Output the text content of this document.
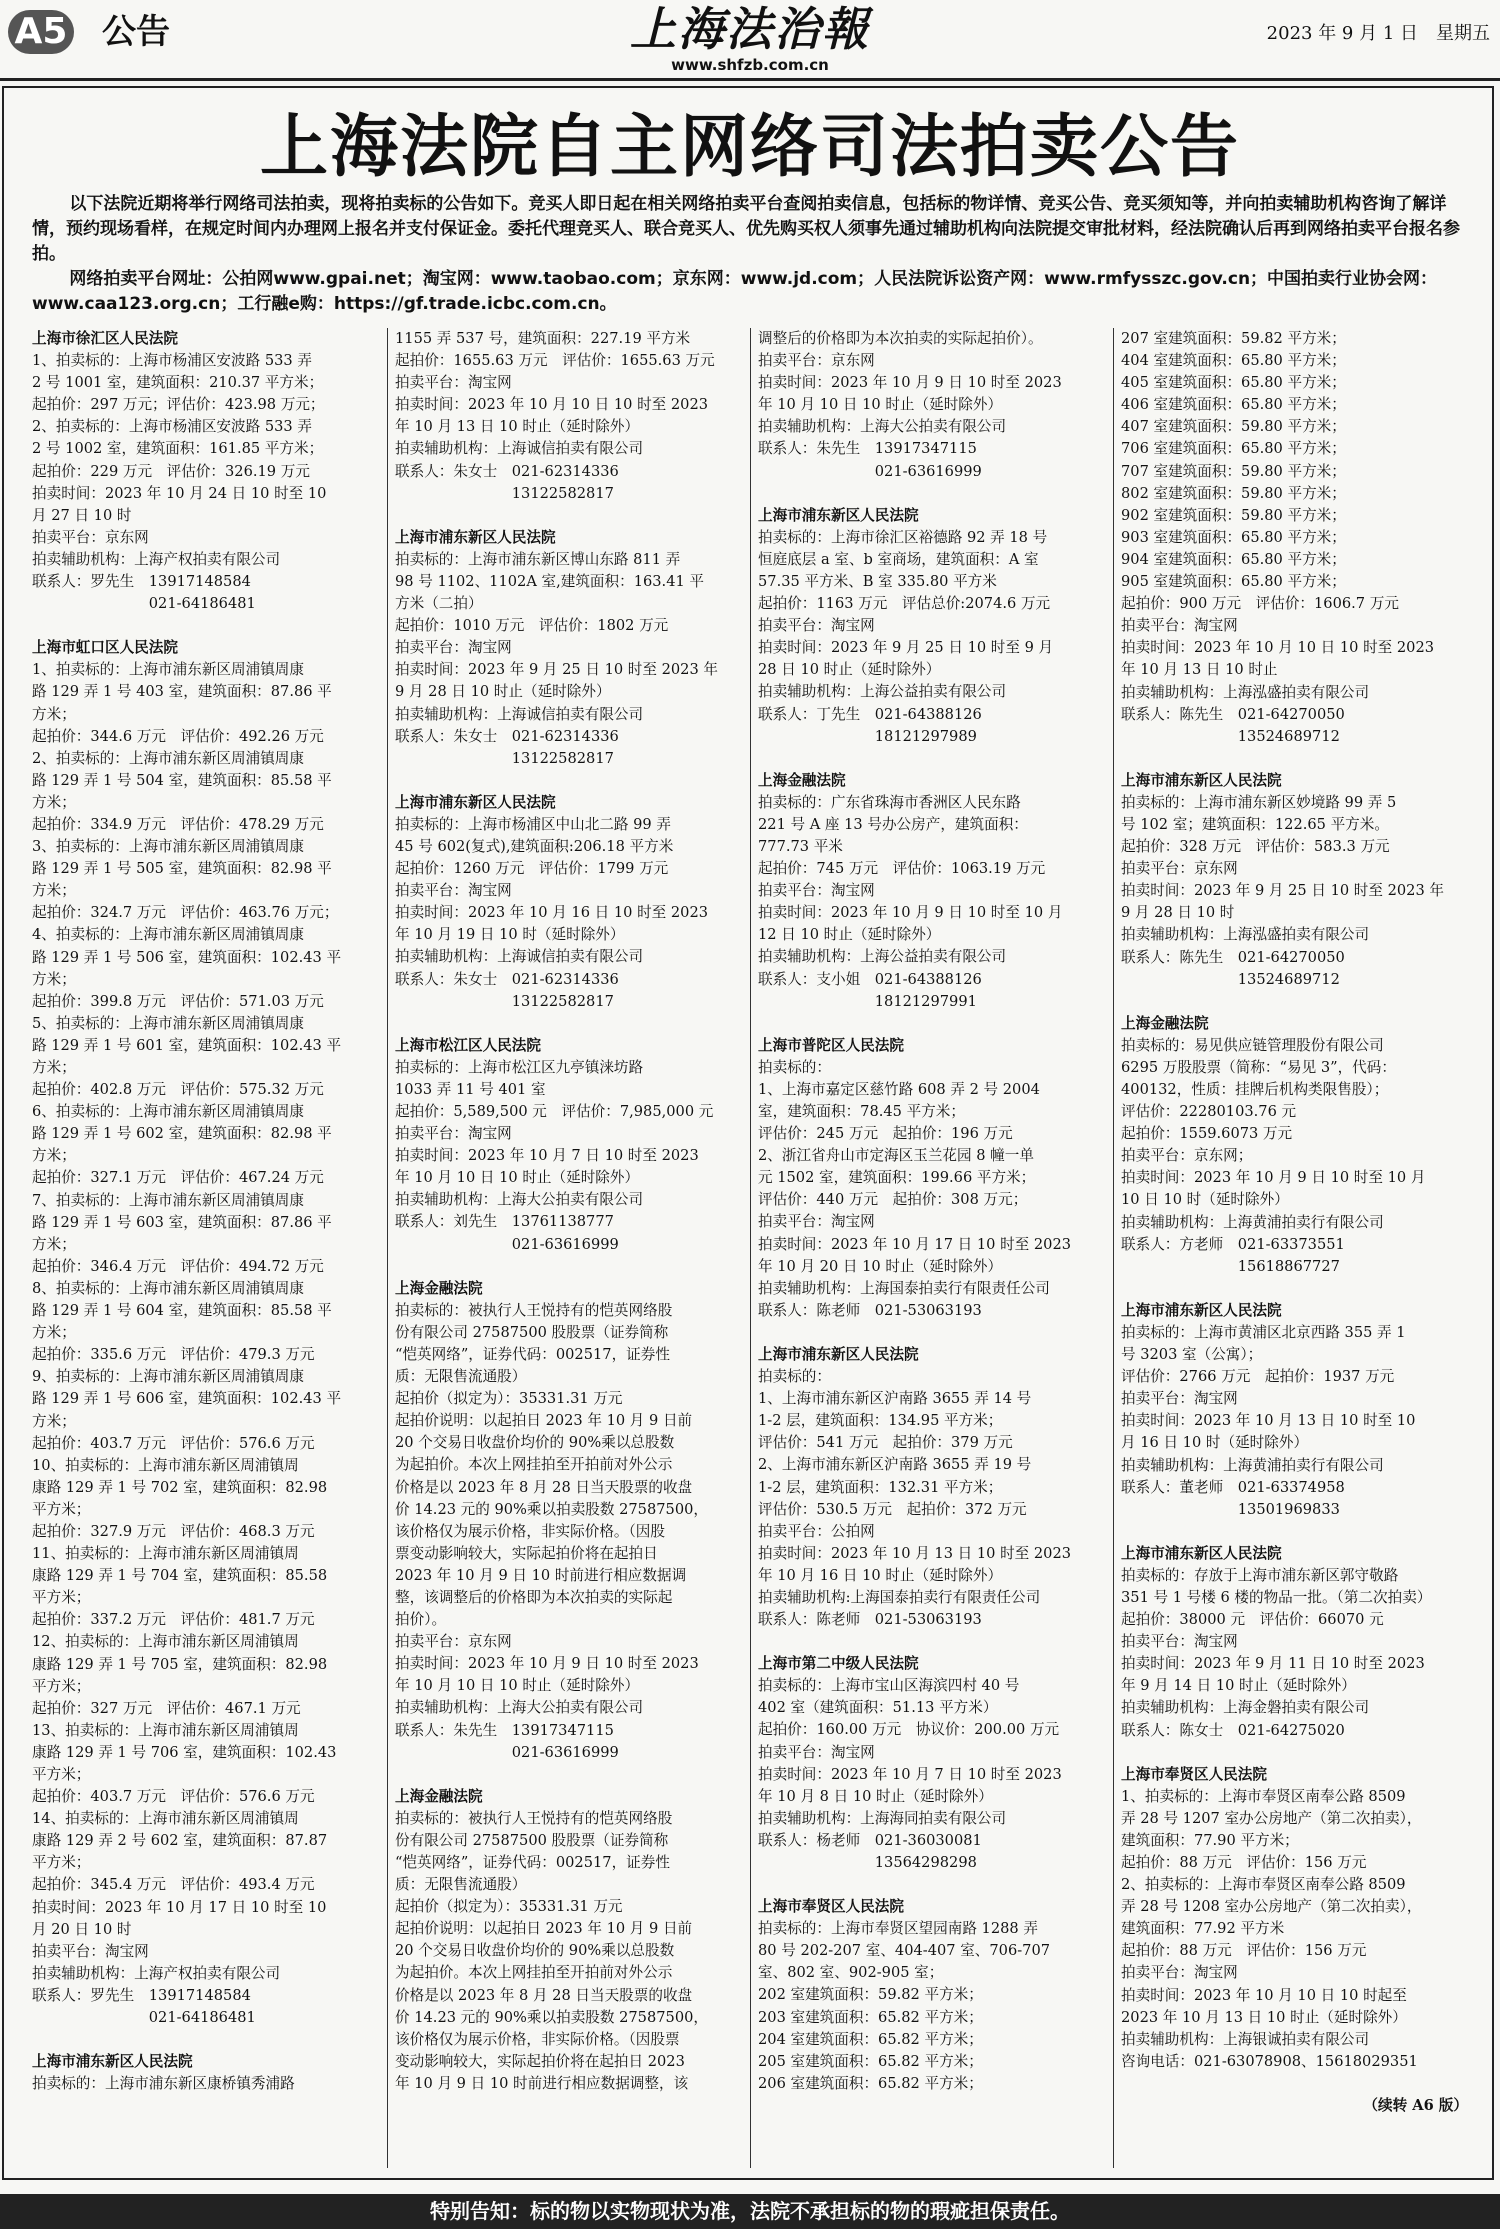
A5 公告	上海法治報
www.shfzb.com.cn
2023 年 9 月 1 日　星期五
上海法院自主网络司法拍卖公告

以下法院近期将举行网络司法拍卖，现将拍卖标的公告如下。竞买人即日起在相关网络拍卖平台查阅拍卖信息，包括标的物详情、竞买公告、竞买须知等，并向拍卖辅助机构咨询了解详情，预约现场看样，在规定时间内办理网上报名并支付保证金。委托代理竞买人、联合竞买人、优先购买权人须事先通过辅助机构向法院提交审批材料，经法院确认后再到网络拍卖平台报名参拍。

网络拍卖平台网址：公拍网www.gpai.net；淘宝网：www.taobao.com；京东网：www.jd.com；人民法院诉讼资产网：www.rmfysszc.gov.cn；中国拍卖行业协会网：www.caa123.org.cn；工行融e购：https://gf.trade.icbc.com.cn。

上海市徐汇区人民法院
1、拍卖标的：上海市杨浦区安波路 533 弄
2 号 1001 室，建筑面积：210.37 平方米；
起拍价：297 万元；评估价：423.98 万元；
2、拍卖标的：上海市杨浦区安波路 533 弄
2 号 1002 室，建筑面积：161.85 平方米；
起拍价：229 万元　评估价：326.19 万元
拍卖时间：2023 年 10 月 24 日 10 时至 10
月 27 日 10 时
拍卖平台：京东网
拍卖辅助机构：上海产权拍卖有限公司
联系人：罗先生　13917148584
　　　　　　　　021-64186481
上海市虹口区人民法院
1、拍卖标的：上海市浦东新区周浦镇周康
路 129 弄 1 号 403 室，建筑面积：87.86 平
方米；
起拍价：344.6 万元　评估价：492.26 万元
2、拍卖标的：上海市浦东新区周浦镇周康
路 129 弄 1 号 504 室，建筑面积：85.58 平
方米；
起拍价：334.9 万元　评估价：478.29 万元
3、拍卖标的：上海市浦东新区周浦镇周康
路 129 弄 1 号 505 室，建筑面积：82.98 平
方米；
起拍价：324.7 万元　评估价：463.76 万元；
4、拍卖标的：上海市浦东新区周浦镇周康
路 129 弄 1 号 506 室，建筑面积：102.43 平
方米；
起拍价：399.8 万元　评估价：571.03 万元
5、拍卖标的：上海市浦东新区周浦镇周康
路 129 弄 1 号 601 室，建筑面积：102.43 平
方米；
起拍价：402.8 万元　评估价：575.32 万元
6、拍卖标的：上海市浦东新区周浦镇周康
路 129 弄 1 号 602 室，建筑面积：82.98 平
方米；
起拍价：327.1 万元　评估价：467.24 万元
7、拍卖标的：上海市浦东新区周浦镇周康
路 129 弄 1 号 603 室，建筑面积：87.86 平
方米；
起拍价：346.4 万元　评估价：494.72 万元
8、拍卖标的：上海市浦东新区周浦镇周康
路 129 弄 1 号 604 室，建筑面积：85.58 平
方米；
起拍价：335.6 万元　评估价：479.3 万元
9、拍卖标的：上海市浦东新区周浦镇周康
路 129 弄 1 号 606 室，建筑面积：102.43 平
方米；
起拍价：403.7 万元　评估价：576.6 万元
10、拍卖标的：上海市浦东新区周浦镇周
康路 129 弄 1 号 702 室，建筑面积：82.98
平方米；
起拍价：327.9 万元　评估价：468.3 万元
11、拍卖标的：上海市浦东新区周浦镇周
康路 129 弄 1 号 704 室，建筑面积：85.58
平方米；
起拍价：337.2 万元　评估价：481.7 万元
12、拍卖标的：上海市浦东新区周浦镇周
康路 129 弄 1 号 705 室，建筑面积：82.98
平方米；
起拍价：327 万元　评估价：467.1 万元
13、拍卖标的：上海市浦东新区周浦镇周
康路 129 弄 1 号 706 室，建筑面积：102.43
平方米；
起拍价：403.7 万元　评估价：576.6 万元
14、拍卖标的：上海市浦东新区周浦镇周
康路 129 弄 2 号 602 室，建筑面积：87.87
平方米；
起拍价：345.4 万元　评估价：493.4 万元
拍卖时间：2023 年 10 月 17 日 10 时至 10
月 20 日 10 时
拍卖平台：淘宝网
拍卖辅助机构：上海产权拍卖有限公司
联系人：罗先生　13917148584
　　　　　　　　021-64186481
上海市浦东新区人民法院
拍卖标的：上海市浦东新区康桥镇秀浦路
1155 弄 537 号，建筑面积：227.19 平方米
起拍价：1655.63 万元　评估价：1655.63 万元
拍卖平台：淘宝网
拍卖时间：2023 年 10 月 10 日 10 时至 2023
年 10 月 13 日 10 时止（延时除外）
拍卖辅助机构：上海诚信拍卖有限公司
联系人：朱女士　021-62314336
　　　　　　　　13122582817
上海市浦东新区人民法院
拍卖标的：上海市浦东新区博山东路 811 弄
98 号 1102、1102A 室,建筑面积：163.41 平
方米（二拍）
起拍价：1010 万元　评估价：1802 万元
拍卖平台：淘宝网
拍卖时间：2023 年 9 月 25 日 10 时至 2023 年
9 月 28 日 10 时止（延时除外）
拍卖辅助机构：上海诚信拍卖有限公司
联系人：朱女士　021-62314336
　　　　　　　　13122582817
上海市浦东新区人民法院
拍卖标的：上海市杨浦区中山北二路 99 弄
45 号 602(复式),建筑面积:206.18 平方米
起拍价：1260 万元　评估价：1799 万元
拍卖平台：淘宝网
拍卖时间：2023 年 10 月 16 日 10 时至 2023
年 10 月 19 日 10 时（延时除外）
拍卖辅助机构：上海诚信拍卖有限公司
联系人：朱女士　021-62314336
　　　　　　　　13122582817
上海市松江区人民法院
拍卖标的：上海市松江区九亭镇涞坊路
1033 弄 11 号 401 室
起拍价：5,589,500 元　评估价：7,985,000 元
拍卖平台：淘宝网
拍卖时间：2023 年 10 月 7 日 10 时至 2023
年 10 月 10 日 10 时止（延时除外）
拍卖辅助机构：上海大公拍卖有限公司
联系人：刘先生　13761138777
　　　　　　　　021-63616999
上海金融法院
拍卖标的：被执行人王悦持有的恺英网络股
份有限公司 27587500 股股票（证券简称
“恺英网络”，证券代码：002517，证券性
质：无限售流通股）
起拍价（拟定为）：35331.31 万元
起拍价说明：以起拍日 2023 年 10 月 9 日前
20 个交易日收盘价均价的 90%乘以总股数
为起拍价。本次上网挂拍至开拍前对外公示
价格是以 2023 年 8 月 28 日当天股票的收盘
价 14.23 元的 90%乘以拍卖股数 27587500，
该价格仅为展示价格，非实际价格。（因股
票变动影响较大，实际起拍价将在起拍日
2023 年 10 月 9 日 10 时前进行相应数据调
整，该调整后的价格即为本次拍卖的实际起
拍价）。
拍卖平台：京东网
拍卖时间：2023 年 10 月 9 日 10 时至 2023
年 10 月 10 日 10 时止（延时除外）
拍卖辅助机构：上海大公拍卖有限公司
联系人：朱先生　13917347115
　　　　　　　　021-63616999
上海金融法院
拍卖标的：被执行人王悦持有的恺英网络股
份有限公司 27587500 股股票（证券简称
“恺英网络”，证券代码：002517，证券性
质：无限售流通股）
起拍价（拟定为）：35331.31 万元
起拍价说明：以起拍日 2023 年 10 月 9 日前
20 个交易日收盘价均价的 90%乘以总股数
为起拍价。本次上网挂拍至开拍前对外公示
价格是以 2023 年 8 月 28 日当天股票的收盘
价 14.23 元的 90%乘以拍卖股数 27587500，
该价格仅为展示价格，非实际价格。（因股票
变动影响较大，实际起拍价将在起拍日 2023
年 10 月 9 日 10 时前进行相应数据调整，该
调整后的价格即为本次拍卖的实际起拍价）。
拍卖平台：京东网
拍卖时间：2023 年 10 月 9 日 10 时至 2023
年 10 月 10 日 10 时止（延时除外）
拍卖辅助机构：上海大公拍卖有限公司
联系人：朱先生　13917347115
　　　　　　　　021-63616999
上海市浦东新区人民法院
拍卖标的：上海市徐汇区裕德路 92 弄 18 号
恒庭底层 a 室、b 室商场，建筑面积：A 室
57.35 平方米、B 室 335.80 平方米
起拍价：1163 万元　评估总价:2074.6 万元
拍卖平台：淘宝网
拍卖时间：2023 年 9 月 25 日 10 时至 9 月
28 日 10 时止（延时除外）
拍卖辅助机构：上海公益拍卖有限公司
联系人：丁先生　021-64388126
　　　　　　　　18121297989
上海金融法院
拍卖标的：广东省珠海市香洲区人民东路
221 号 A 座 13 号办公房产，建筑面积：
777.73 平米
起拍价：745 万元　评估价：1063.19 万元
拍卖平台：淘宝网
拍卖时间：2023 年 10 月 9 日 10 时至 10 月
12 日 10 时止（延时除外）
拍卖辅助机构：上海公益拍卖有限公司
联系人：支小姐　021-64388126
　　　　　　　　18121297991
上海市普陀区人民法院
拍卖标的：
1、上海市嘉定区慈竹路 608 弄 2 号 2004
室，建筑面积：78.45 平方米；
评估价：245 万元　起拍价：196 万元
2、浙江省舟山市定海区玉兰花园 8 幢一单
元 1502 室，建筑面积：199.66 平方米；
评估价：440 万元　起拍价：308 万元；
拍卖平台：淘宝网
拍卖时间：2023 年 10 月 17 日 10 时至 2023
年 10 月 20 日 10 时止（延时除外）
拍卖辅助机构：上海国泰拍卖行有限责任公司
联系人：陈老师　021-53063193
上海市浦东新区人民法院
拍卖标的：
1、上海市浦东新区沪南路 3655 弄 14 号
1-2 层，建筑面积：134.95 平方米；
评估价：541 万元　起拍价：379 万元
2、上海市浦东新区沪南路 3655 弄 19 号
1-2 层，建筑面积：132.31 平方米；
评估价：530.5 万元　起拍价：372 万元
拍卖平台：公拍网
拍卖时间：2023 年 10 月 13 日 10 时至 2023
年 10 月 16 日 10 时止（延时除外）
拍卖辅助机构:上海国泰拍卖行有限责任公司
联系人：陈老师　021-53063193
上海市第二中级人民法院
拍卖标的：上海市宝山区海滨四村 40 号
402 室（建筑面积：51.13 平方米）
起拍价：160.00 万元　协议价：200.00 万元
拍卖平台：淘宝网
拍卖时间：2023 年 10 月 7 日 10 时至 2023
年 10 月 8 日 10 时止（延时除外）
拍卖辅助机构：上海海同拍卖有限公司
联系人：杨老师　021-36030081
　　　　　　　　13564298298
上海市奉贤区人民法院
拍卖标的：上海市奉贤区望园南路 1288 弄
80 号 202-207 室、404-407 室、706-707
室、802 室、902-905 室；
202 室建筑面积：59.82 平方米；
203 室建筑面积：65.82 平方米；
204 室建筑面积：65.82 平方米；
205 室建筑面积：65.82 平方米；
206 室建筑面积：65.82 平方米；
207 室建筑面积：59.82 平方米；
404 室建筑面积：65.80 平方米；
405 室建筑面积：65.80 平方米；
406 室建筑面积：65.80 平方米；
407 室建筑面积：59.80 平方米；
706 室建筑面积：65.80 平方米；
707 室建筑面积：59.80 平方米；
802 室建筑面积：59.80 平方米；
902 室建筑面积：59.80 平方米；
903 室建筑面积：65.80 平方米；
904 室建筑面积：65.80 平方米；
905 室建筑面积：65.80 平方米；
起拍价：900 万元　评估价：1606.7 万元
拍卖平台：淘宝网
拍卖时间：2023 年 10 月 10 日 10 时至 2023
年 10 月 13 日 10 时止
拍卖辅助机构：上海泓盛拍卖有限公司
联系人：陈先生　021-64270050
　　　　　　　　13524689712
上海市浦东新区人民法院
拍卖标的：上海市浦东新区妙境路 99 弄 5
号 102 室；建筑面积：122.65 平方米。
起拍价：328 万元　评估价：583.3 万元
拍卖平台：京东网
拍卖时间：2023 年 9 月 25 日 10 时至 2023 年
9 月 28 日 10 时
拍卖辅助机构：上海泓盛拍卖有限公司
联系人：陈先生　021-64270050
　　　　　　　　13524689712
上海金融法院
拍卖标的：易见供应链管理股份有限公司
6295 万股股票（简称：“易见 3”，代码：
400132，性质：挂牌后机构类限售股）；
评估价：22280103.76 元
起拍价：1559.6073 万元
拍卖平台：京东网；
拍卖时间：2023 年 10 月 9 日 10 时至 10 月
10 日 10 时（延时除外）
拍卖辅助机构：上海黄浦拍卖行有限公司
联系人：方老师　021-63373551
　　　　　　　　15618867727
上海市浦东新区人民法院
拍卖标的：上海市黄浦区北京西路 355 弄 1
号 3203 室（公寓）；
评估价：2766 万元　起拍价：1937 万元
拍卖平台：淘宝网
拍卖时间：2023 年 10 月 13 日 10 时至 10
月 16 日 10 时（延时除外）
拍卖辅助机构：上海黄浦拍卖行有限公司
联系人：董老师　021-63374958
　　　　　　　　13501969833
上海市浦东新区人民法院
拍卖标的：存放于上海市浦东新区郭守敬路
351 号 1 号楼 6 楼的物品一批。（第二次拍卖）
起拍价：38000 元　评估价：66070 元
拍卖平台：淘宝网
拍卖时间：2023 年 9 月 11 日 10 时至 2023
年 9 月 14 日 10 时止（延时除外）
拍卖辅助机构：上海金磐拍卖有限公司
联系人：陈女士　021-64275020
上海市奉贤区人民法院
1、拍卖标的：上海市奉贤区南奉公路 8509
弄 28 号 1207 室办公房地产（第二次拍卖），
建筑面积：77.90 平方米；
起拍价：88 万元　评估价：156 万元
2、拍卖标的：上海市奉贤区南奉公路 8509
弄 28 号 1208 室办公房地产（第二次拍卖），
建筑面积：77.92 平方米
起拍价：88 万元　评估价：156 万元
拍卖平台：淘宝网
拍卖时间：2023 年 10 月 10 日 10 时起至
2023 年 10 月 13 日 10 时止（延时除外）
拍卖辅助机构：上海银诚拍卖有限公司
咨询电话：021-63078908、15618029351
（续转 A6 版）
特别告知：标的物以实物现状为准，法院不承担标的物的瑕疵担保责任。
